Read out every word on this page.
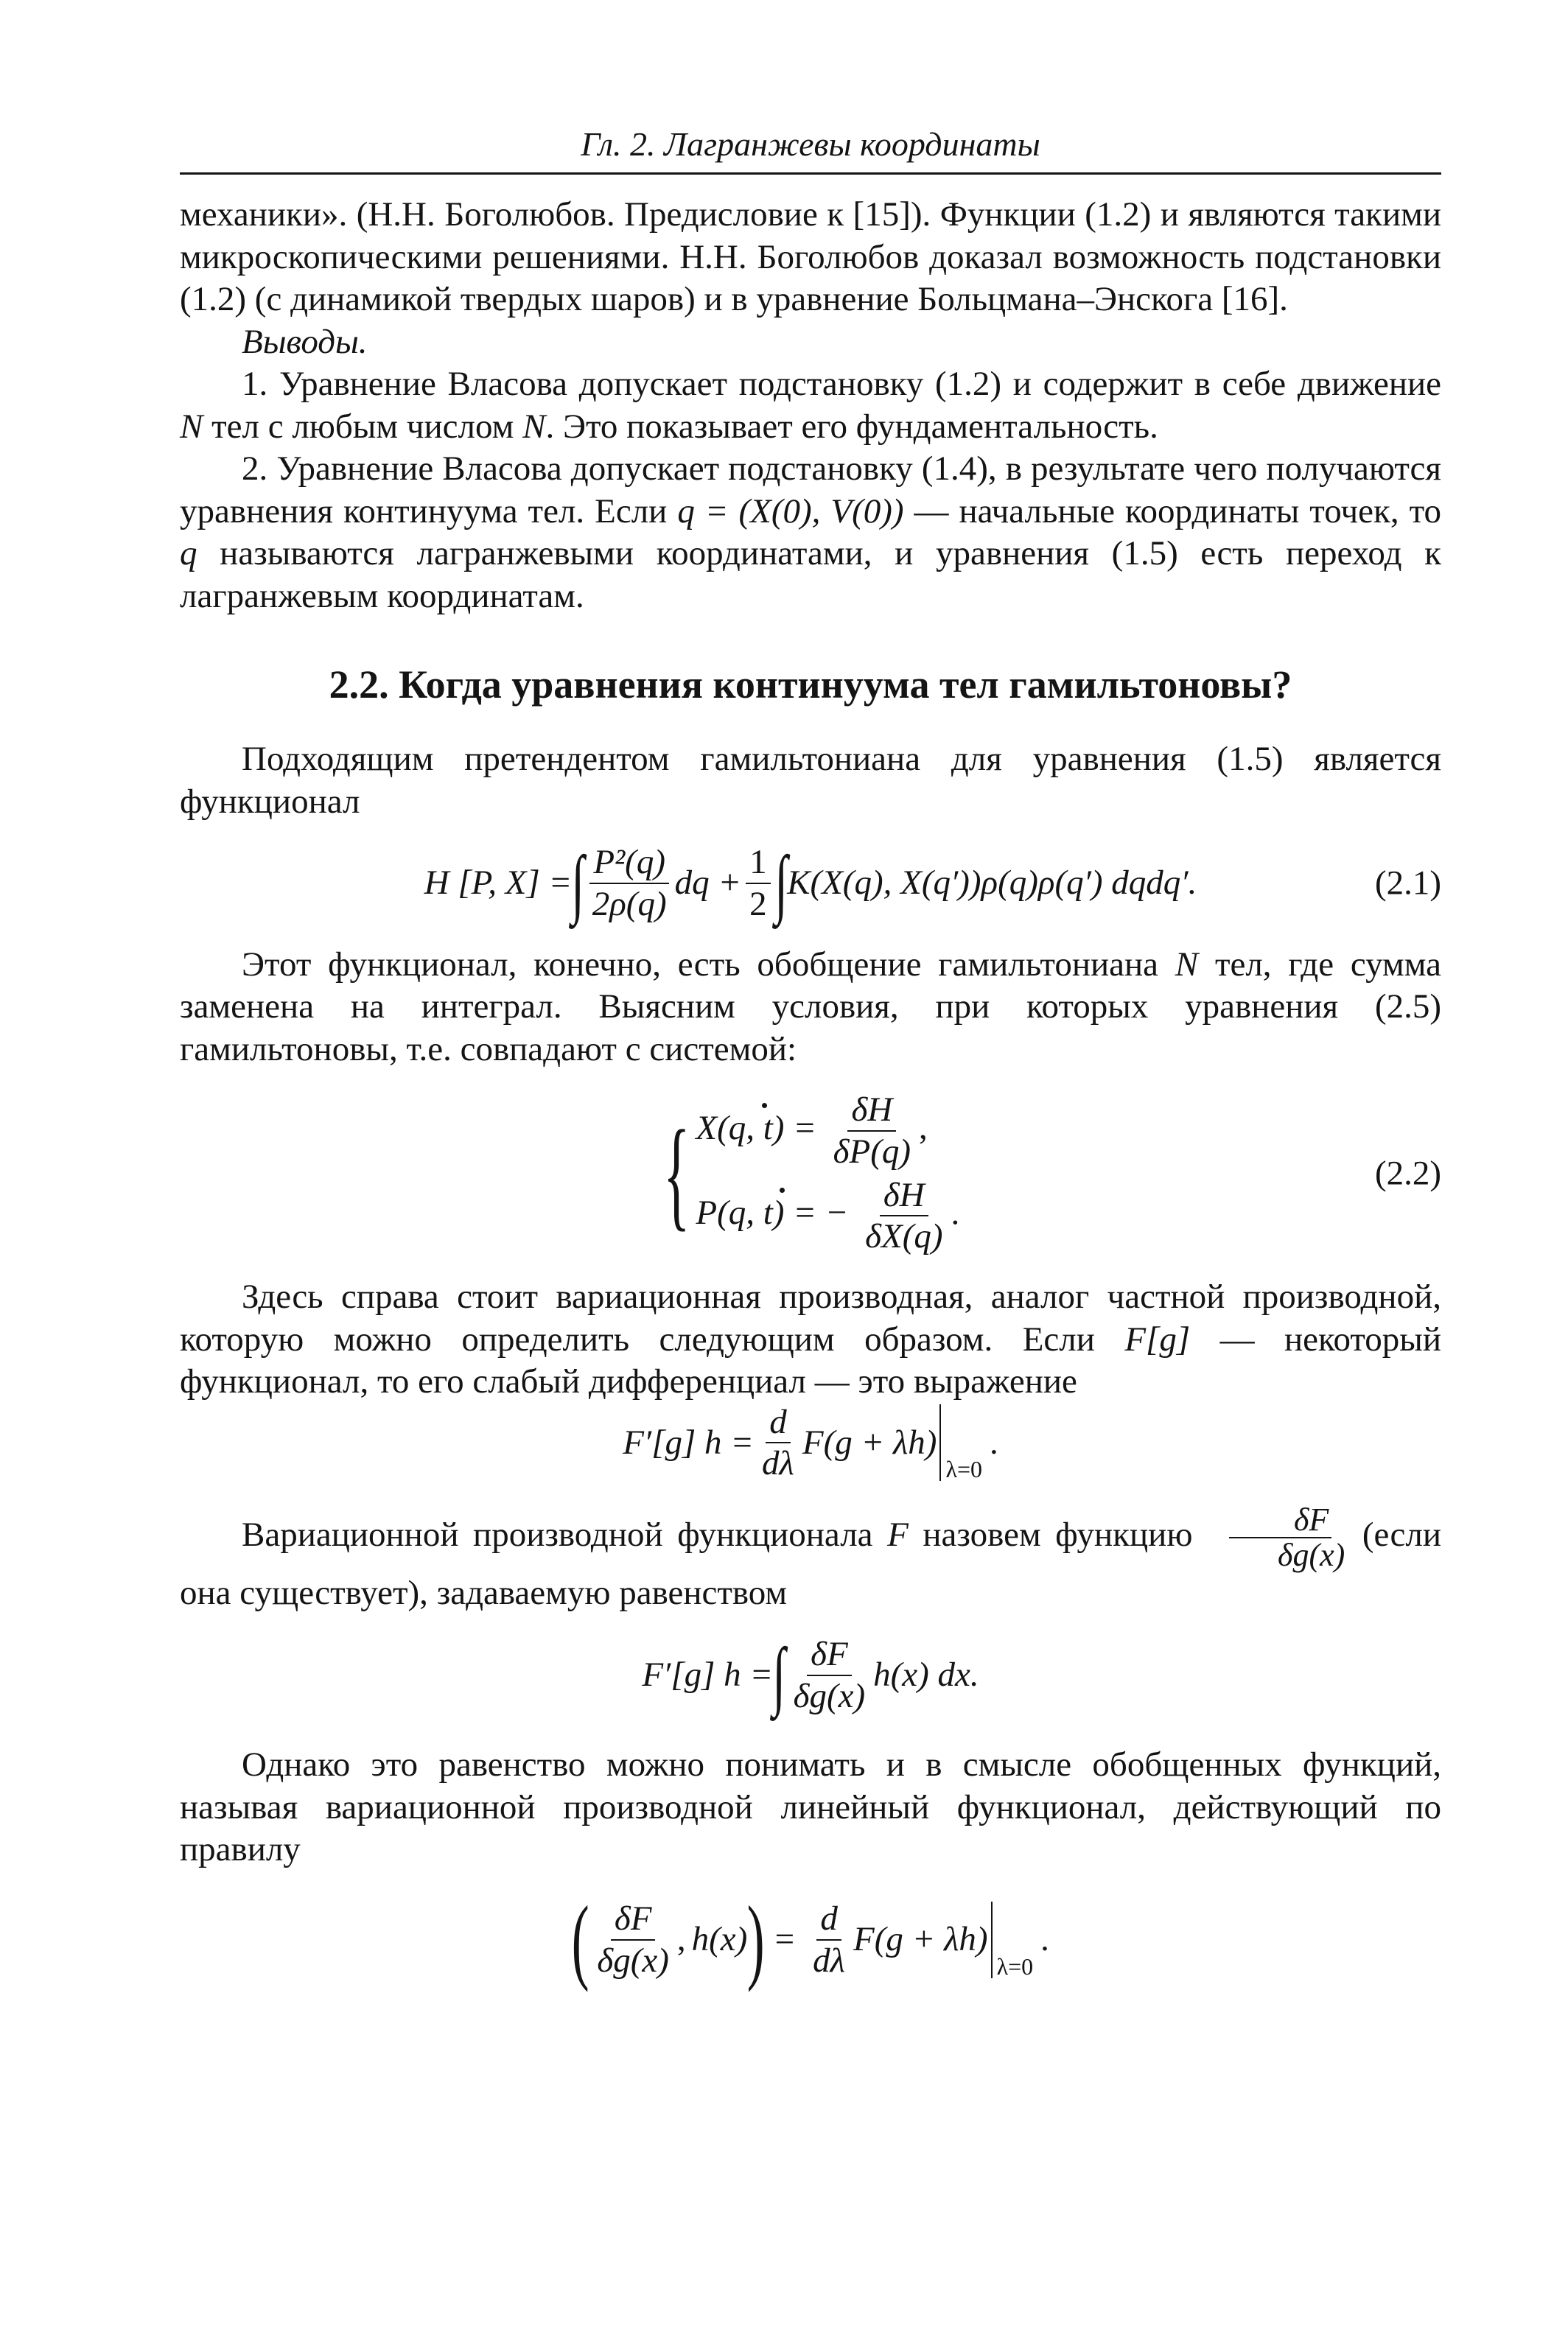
Гл. 2. Лагранжевы координаты

механики». (Н.Н. Боголюбов. Предисловие к [15]). Функции (1.2) и являются такими микроскопическими решениями. Н.Н. Боголюбов доказал возможность подстановки (1.2) (с динамикой твердых шаров) и в уравнение Больцмана–Энскога [16].

Выводы.

1. Уравнение Власова допускает подстановку (1.2) и содержит в себе движение N тел с любым числом N. Это показывает его фундаментальность.

2. Уравнение Власова допускает подстановку (1.4), в результате чего получаются уравнения континуума тел. Если q = (X(0), V(0)) — начальные координаты точек, то q называются лагранжевыми координатами, и уравнения (1.5) есть переход к лагранжевым координатам.

2.2. Когда уравнения континуума тел гамильтоновы?

Подходящим претендентом гамильтониана для уравнения (1.5) является функционал

H [P, X] = ∫ $\frac{\text{P²(q)}}{2\rho(q)}$ dq + $\frac{1}{2}$ ∫ K(X(q), X(q′))ρ(q)ρ(q′) dqdq′.	(2.1)

Этот функционал, конечно, есть обобщение гамильтониана N тел, где сумма заменена на интеграл. Выясним условия, при которых уравнения (2.5) гамильтоновы, т.е. совпадают с системой:

{ X(q, $t) = \frac{\delta H}{\delta P(q)}$ ,
P(q, t) = − $\frac{\delta H}{\delta X(q)}$ .
(2.2)

Здесь справа стоит вариационная производная, аналог частной производной, которую можно определить следующим образом. Если F[g] — некоторый функционал, то его слабый дифференциал — это выражение

F′[g] $h = \frac{d}{d\lambda} F(g + \lambda h)$
λ=0
.

Вариационной производной функционала F назовем функцию $\frac{\delta F}{\delta g(x)}$ (если она существует), задаваемую равенством

F′[g] h = ∫ $\frac{\delta F}{\delta g(x)} h(x)$ dx.

Однако это равенство можно понимать и в смысле обобщенных функций, называя вариационной производной линейный функционал, действующий по правилу

( $\frac{\delta F}{\delta g(x)}$ , h(x) ) = $\frac{d}{d\lambda} F(g + \lambda h)$
λ=0
.
